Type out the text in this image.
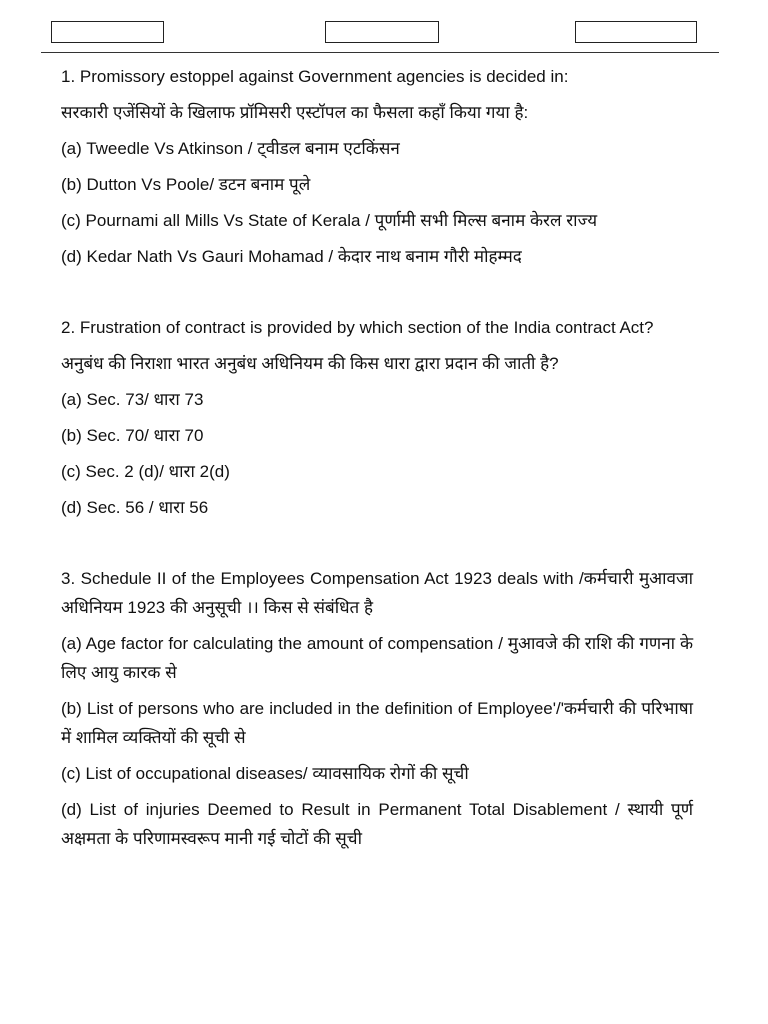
1. Promissory estoppel against Government agencies is decided in:
सरकारी एजेंसियों के खिलाफ प्रॉमिसरी एस्टॉपल का फैसला कहाँ किया गया है:
(a) Tweedle Vs Atkinson / ट्वीडल बनाम एटकिंसन
(b) Dutton Vs Poole/ डटन बनाम पूले
(c) Pournami all Mills Vs State of Kerala / पूर्णामी सभी मिल्स बनाम केरल राज्य
(d) Kedar Nath Vs Gauri Mohamad / केदार नाथ बनाम गौरी मोहम्मद
2. Frustration of contract is provided by which section of the India contract Act?
अनुबंध की निराशा भारत अनुबंध अधिनियम की किस धारा द्वारा प्रदान की जाती है?
(a) Sec. 73/ धारा 73
(b) Sec. 70/ धारा 70
(c) Sec. 2 (d)/ धारा 2(d)
(d) Sec. 56 / धारा 56
3. Schedule II of the Employees Compensation Act 1923 deals with /कर्मचारी मुआवजा अधिनियम 1923 की अनुसूची ।। किस से संबंधित है
(a) Age factor for calculating the amount of compensation / मुआवजे की राशि की गणना के लिए आयु कारक से
(b) List of persons who are included in the definition of Employee'/'कर्मचारी की परिभाषा में शामिल व्यक्तियों की सूची से
(c) List of occupational diseases/ व्यावसायिक रोगों की सूची
(d) List of injuries Deemed to Result in Permanent Total Disablement / स्थायी पूर्ण अक्षमता के परिणामस्वरूप मानी गई चोटों की सूची
